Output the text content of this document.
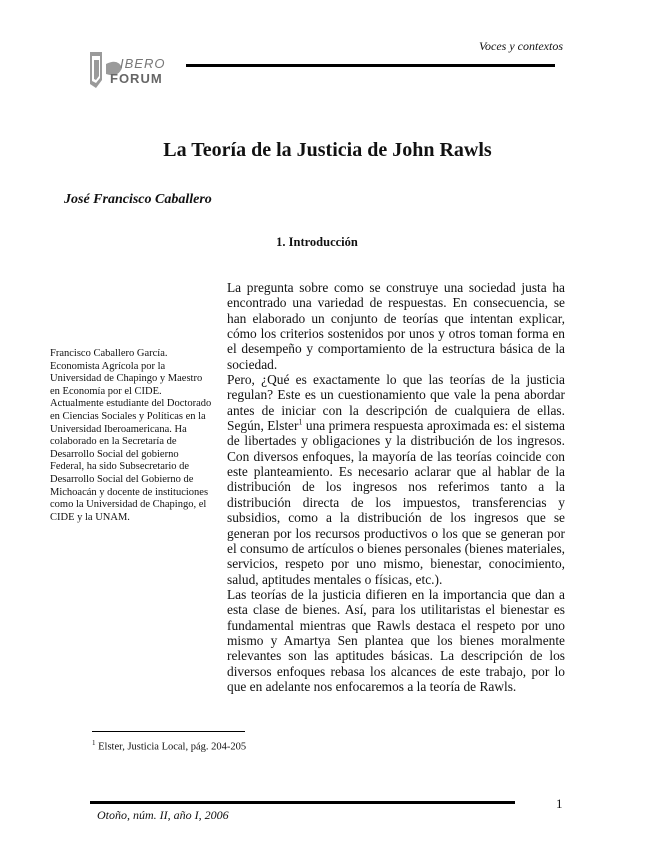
Voces y contextos
IBERO
FORUM
La Teoría de la Justicia de John Rawls
José Francisco Caballero
1. Introducción
Francisco Caballero García. Economista Agrícola por la Universidad de Chapingo y Maestro en Economía por el CIDE. Actualmente estudiante del Doctorado en Ciencias Sociales y Políticas en la Universidad Iberoamericana. Ha colaborado en la Secretaría de Desarrollo Social del gobierno Federal, ha sido Subsecretario de Desarrollo Social del Gobierno de Michoacán y docente de instituciones como la Universidad de Chapingo, el CIDE y la UNAM.

La pregunta sobre como se construye una sociedad justa ha encontrado una variedad de respuestas. En consecuencia, se han elaborado un conjunto de teorías que intentan explicar, cómo los criterios sostenidos por unos y otros toman forma en el desempeño y comportamiento de la estructura básica de la sociedad.

Pero, ¿Qué es exactamente lo que las teorías de la justicia regulan? Este es un cuestionamiento que vale la pena abordar antes de iniciar con la descripción de cualquiera de ellas. Según, Elster$^1$ una primera respuesta aproximada es: el sistema de libertades y obligaciones y la distribución de los ingresos. Con diversos enfoques, la mayoría de las teorías coincide con este planteamiento. Es necesario aclarar que al hablar de la distribución de los ingresos nos referimos tanto a la distribución directa de los impuestos, transferencias y subsidios, como a la distribución de los ingresos que se generan por los recursos productivos o los que se generan por el consumo de artículos o bienes personales (bienes materiales, servicios, respeto por uno mismo, bienestar, conocimiento, salud, aptitudes mentales o físicas, etc.).

Las teorías de la justicia difieren en la importancia que dan a esta clase de bienes. Así, para los utilitaristas el bienestar es fundamental mientras que Rawls destaca el respeto por uno mismo y Amartya Sen plantea que los bienes moralmente relevantes son las aptitudes básicas. La descripción de los diversos enfoques rebasa los alcances de este trabajo, por lo que en adelante nos enfocaremos a la teoría de Rawls.

$^1$ Elster, Justicia Local, pág. 204-205
1
Otoño, núm. II, año I, 2006
